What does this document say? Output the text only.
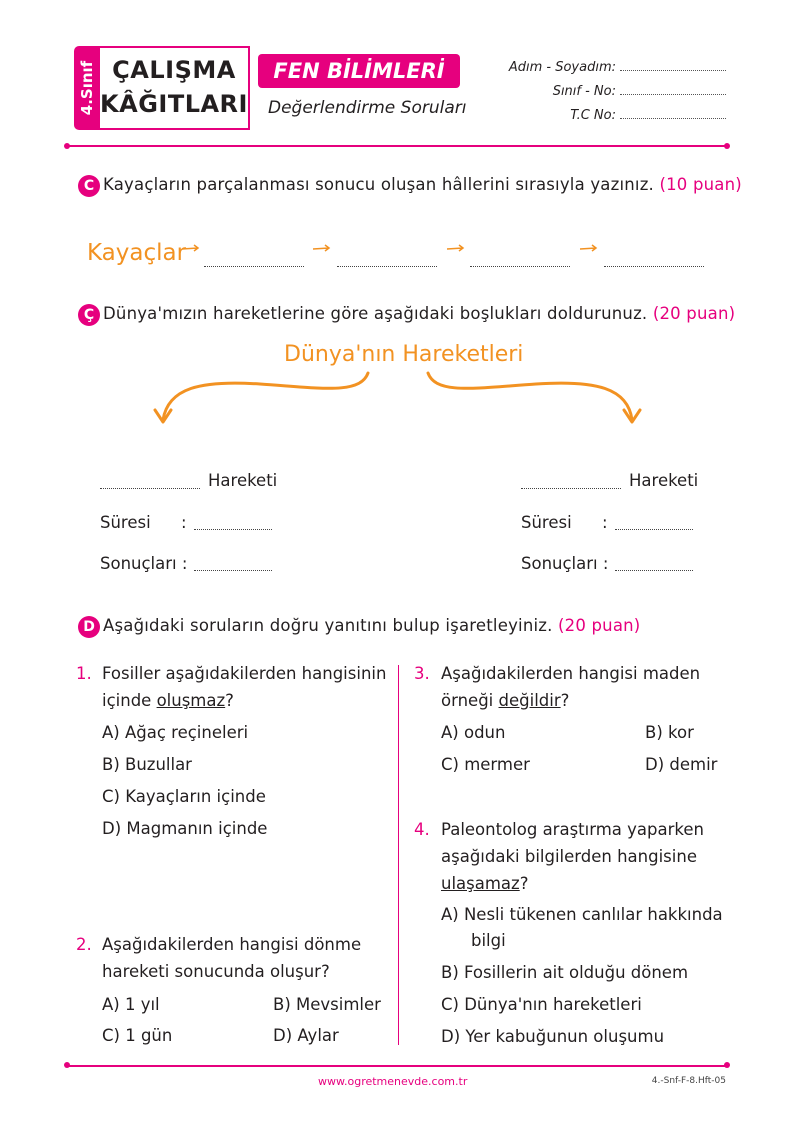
4.Sınıf ÇALIŞMA
KÂĞITLARI
FEN BİLİMLERİ
Değerlendirme Soruları
Adım - Soyadım:
Sınıf - No:
T.C No:
C Kayaçların parçalanması sonucu oluşan hâllerini sırasıyla yazınız. (10 puan)
Kayaçlar
Ç Dünya'mızın hareketlerine göre aşağıdaki boşlukları doldurunuz. (20 puan)
Dünya'nın Hareketleri
Hareketi
Süresi :
Sonuçları :
Hareketi
Süresi :
Sonuçları :
D Aşağıdaki soruların doğru yanıtını bulup işaretleyiniz. (20 puan)
1. Fosiller aşağıdakilerden hangisinin
içinde oluşmaz?
A) Ağaç reçineleri
B) Buzullar
C) Kayaçların içinde
D) Magmanın içinde
2. Aşağıdakilerden hangisi dönme
hareketi sonucunda oluşur?
A) 1 yıl	B) Mevsimler
C) 1 gün	D) Aylar
3. Aşağıdakilerden hangisi maden
örneği değildir?
A) odun	B) kor
C) mermer	D) demir
4. Paleontolog araştırma yaparken
aşağıdaki bilgilerden hangisine
ulaşamaz?
A) Nesli tükenen canlılar hakkında
bilgi
B) Fosillerin ait olduğu dönem
C) Dünya'nın hareketleri
D) Yer kabuğunun oluşumu
www.ogretmenevde.com.tr	4.-Snf-F-8.Hft-05
